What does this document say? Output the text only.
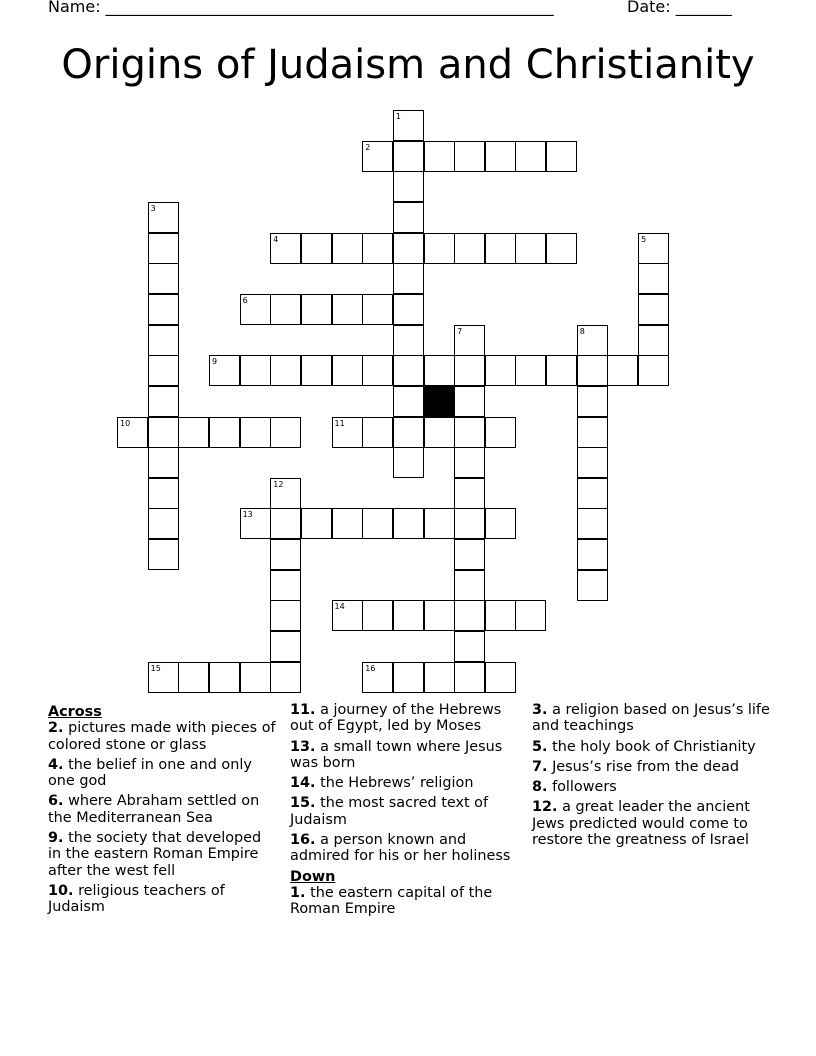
Name: ________________________________________________________	Date: _______
Origins of Judaism and Christianity
1
2
3
4	5
6
7	8
9
10	11
12
13
14
15	16
Across
2. pictures made with pieces of colored stone or glass
4. the belief in one and only one god
6. where Abraham settled on the Mediterranean Sea
9. the society that developed in the eastern Roman Empire after the west fell
10. religious teachers of Judaism
11. a journey of the Hebrews out of Egypt, led by Moses
13. a small town where Jesus was born
14. the Hebrews’ religion
15. the most sacred text of Judaism
16. a person known and admired for his or her holiness
Down
1. the eastern capital of the Roman Empire
3. a religion based on Jesus’s life and teachings
5. the holy book of Christianity
7. Jesus’s rise from the dead
8. followers
12. a great leader the ancient Jews predicted would come to restore the greatness of Israel
